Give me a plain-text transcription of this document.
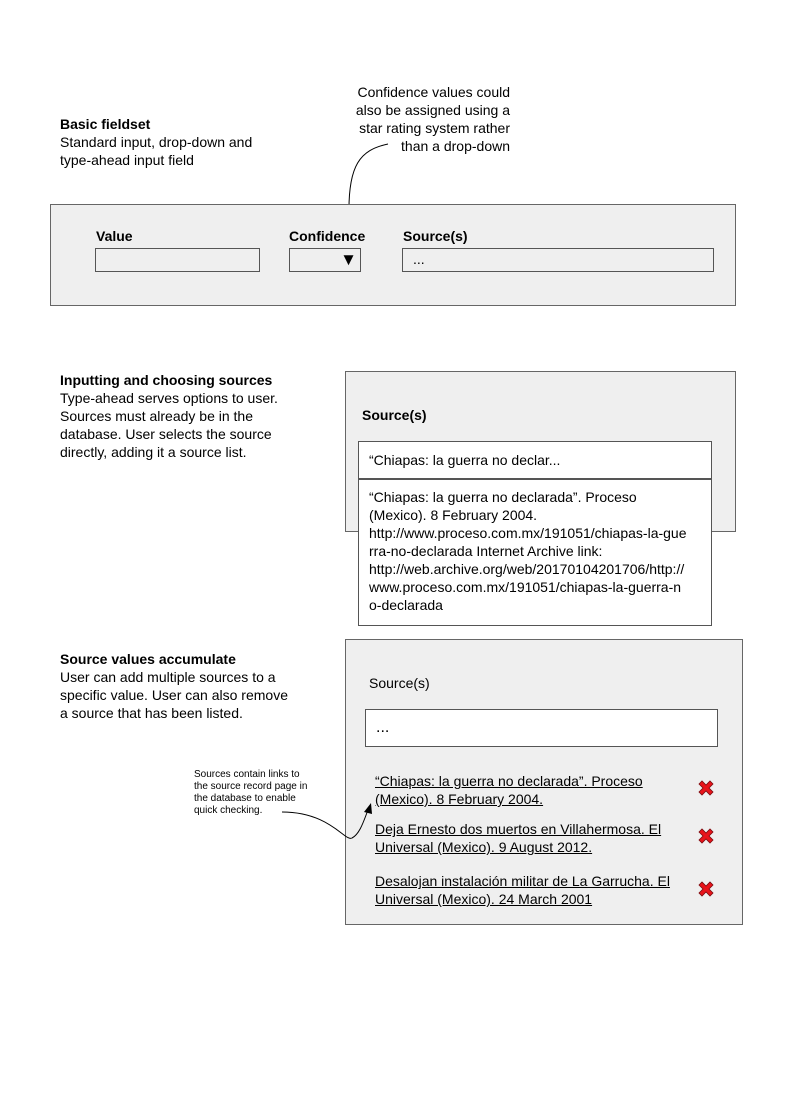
Confidence values could
also be assigned using a
star rating system rather
than a drop-down
Basic fieldset
Standard input, drop-down and
type-ahead input field
Value	Confidence
▼
Source(s)
...
Inputting and choosing sources
Type-ahead serves options to user.
Sources must already be in the
database. User selects the source
directly, adding it a source list.
Source(s)
“Chiapas: la guerra no declar...
“Chiapas: la guerra no declarada”. Proceso
(Mexico). 8 February 2004.
http://www.proceso.com.mx/191051/chiapas-la-gue
rra-no-declarada Internet Archive link:
http://web.archive.org/web/20170104201706/http://
www.proceso.com.mx/191051/chiapas-la-guerra-n
o-declarada
Source values accumulate
User can add multiple sources to a
specific value. User can also remove
a source that has been listed.
Source(s)
...
“Chiapas: la guerra no declarada”. Proceso
(Mexico). 8 February 2004.
Deja Ernesto dos muertos en Villahermosa. El
Universal (Mexico). 9 August 2012.
Desalojan instalación militar de La Garrucha. El
Universal (Mexico). 24 March 2001
Sources contain links to
the source record page in
the database to enable
quick checking.
